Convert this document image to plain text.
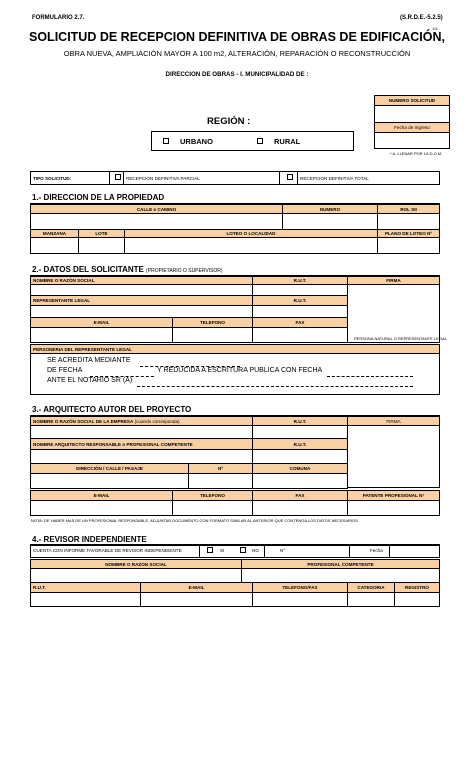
FORMULARIO 2.7.	(S.R.D.E.-5.2.5)
1/4
SOLICITUD DE RECEPCION DEFINITIVA DE OBRAS DE EDIFICACIÓN,
OBRA NUEVA, AMPLIACIÓN MAYOR A 100 m2, ALTERACIÓN, REPARACIÓN O RECONSTRUCCIÓN
DIRECCION DE OBRAS - I. MUNICIPALIDAD DE :
NUMERO SOLICITUD
Fecha de Ingreso
* A. LLENAR POR LA D.O.M.
REGIÓN :
URBANO	RURAL
TIPO SOLICITUD:	RECEPCION DEFINITIVA PARCIAL	RECEPCION DEFINITIVA TOTAL
1.- DIRECCION DE LA PROPIEDAD
CALLE o CAMINO	NUMERO	ROL SII
MANZANA	LOTE	LOTEO O LOCALIDAD	PLANO DE LOTEO Nº
2.- DATOS DEL SOLICITANTE (PROPIETARIO O SUPERVISOR)
NOMBRE O RAZÓN SOCIAL	R.U.T.	FIRMA
PERSONA NATURAL O REPRESENTANTE LEGAL
REPRESENTANTE LEGAL	R.U.T.
E-MAIL	TELEFONO	FAX
PERSONERIA DEL REPRESENTANTE LEGAL
SE ACREDITA MEDIANTE
DE FECHA	Y REDUCIDA A ESCRITURA PUBLICA CON FECHA
ANTE EL NOTARIO SR (A)
3.- ARQUITECTO AUTOR DEL PROYECTO
NOMBRE O RAZÓN SOCIAL DE LA EMPRESA
(cuando corresponda)	R.U.T.	FIRMA
NOMBRE ARQUITECTO RESPONSABLE o PROFESIONAL COMPETENTE	R.U.T.
DIRECCIÓN / CALLE / PASAJE	Nº	COMUNA
E-MAIL	TELEFONO	FAX	PATENTE PROFESIONAL N°
NOTA: DE HABER MAS DE UN PROFESIONAL RESPONSABLE, ADJUNTAR DOCUMENTO CON FORMATO SIMILAR AL ANTERIOR QUE CONTENGA LOS DATOS NECESARIOS.
4.- REVISOR INDEPENDIENTE
CUENTA CON INFORME FAVORABLE DE REVISOR INDEPENDIENTE	SI	NO	N°	Fecha
NOMBRE O RAZON SOCIAL	PROFESIONAL COMPETENTE
R.U.T.	E-MAIL	TELEFONO/FAX	CATEGORIA	REGISTRO
